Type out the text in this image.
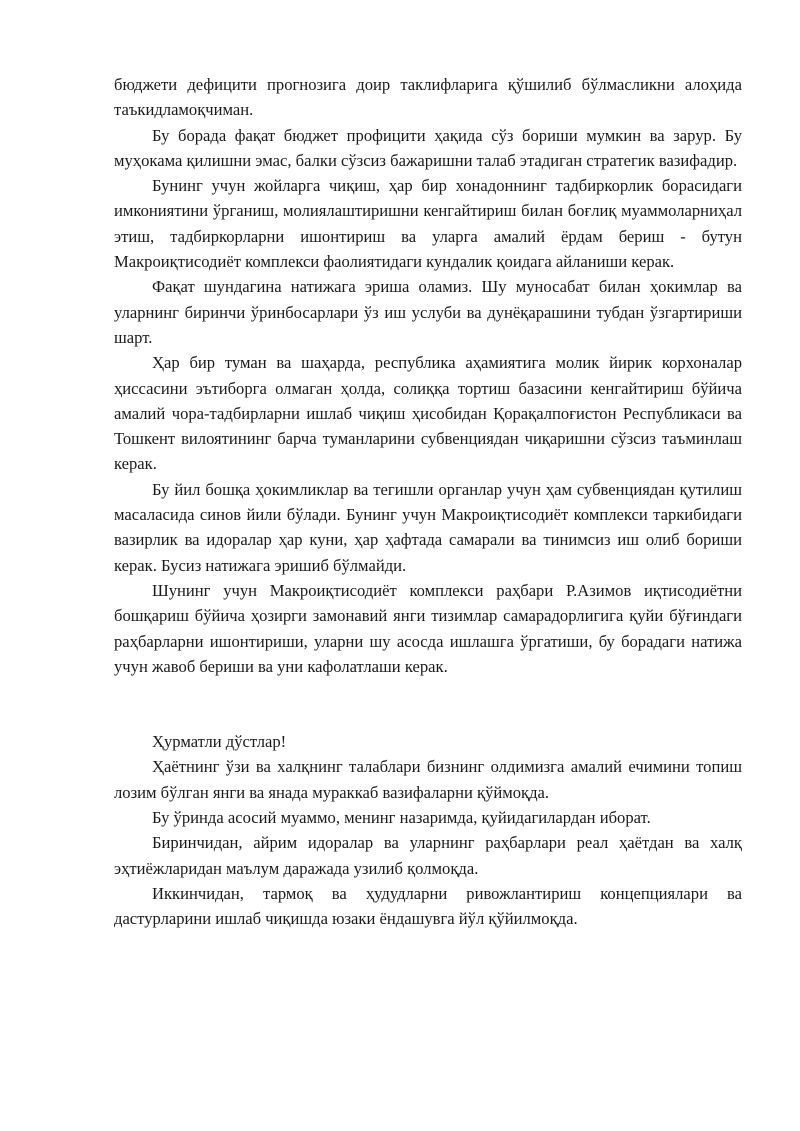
бюджети дефицити прогнозига доир таклифларига қўшилиб бўлмасликни алоҳида таъкидламоқчиман.

Бу борада фақат бюджет профицити ҳақида сўз бориши мумкин ва зарур. Бу муҳокама қилишни эмас, балки сўзсиз бажаришни талаб этадиган стратегик вазифадир.

Бунинг учун жойларга чиқиш, ҳар бир хонадоннинг тадбиркорлик борасидаги имкониятини ўрганиш, молиялаштиришни кенгайтириш билан боғлиқ муаммоларниҳал этиш, тадбиркорларни ишонтириш ва уларга амалий ёрдам бериш - бутун Макроиқтисодиёт комплекси фаолиятидаги кундалик қоидага айланиши керак.

Фақат шундагина натижага эриша оламиз. Шу муносабат билан ҳокимлар ва уларнинг биринчи ўринбосарлари ўз иш услуби ва дунёқарашини тубдан ўзгартириши шарт.

Ҳар бир туман ва шаҳарда, республика аҳамиятига молик йирик корхоналар ҳиссасини эътиборга олмаган ҳолда, солиққа тортиш базасини кенгайтириш бўйича амалий чора-тадбирларни ишлаб чиқиш ҳисобидан Қорақалпоғистон Республикаси ва Тошкент вилоятининг барча туманларини субвенциядан чиқаришни сўзсиз таъминлаш керак.

Бу йил бошқа ҳокимликлар ва тегишли органлар учун ҳам субвенциядан қутилиш масаласида синов йили бўлади. Бунинг учун Макроиқтисодиёт комплекси таркибидаги вазирлик ва идоралар ҳар куни, ҳар ҳафтада самарали ва тинимсиз иш олиб бориши керак. Бусиз натижага эришиб бўлмайди.

Шунинг учун Макроиқтисодиёт комплекси раҳбари Р.Азимов иқтисодиётни бошқариш бўйича ҳозирги замонавий янги тизимлар самарадорлигига қуйи бўғиндаги раҳбарларни ишонтириши, уларни шу асосда ишлашга ўргатиши, бу борадаги натижа учун жавоб бериши ва уни кафолатлаши керак.

Ҳурматли дўстлар!

Ҳаётнинг ўзи ва халқнинг талаблари бизнинг олдимизга амалий ечимини топиш лозим бўлган янги ва янада мураккаб вазифаларни қўймоқда.

Бу ўринда асосий муаммо, менинг назаримда, қуйидагилардан иборат.

Биринчидан, айрим идоралар ва уларнинг раҳбарлари реал ҳаётдан ва халқ эҳтиёжларидан маълум даражада узилиб қолмоқда.

Иккинчидан, тармоқ ва ҳудудларни ривожлантириш концепциялари ва дастурларини ишлаб чиқишда юзаки ёндашувга йўл қўйилмоқда.
